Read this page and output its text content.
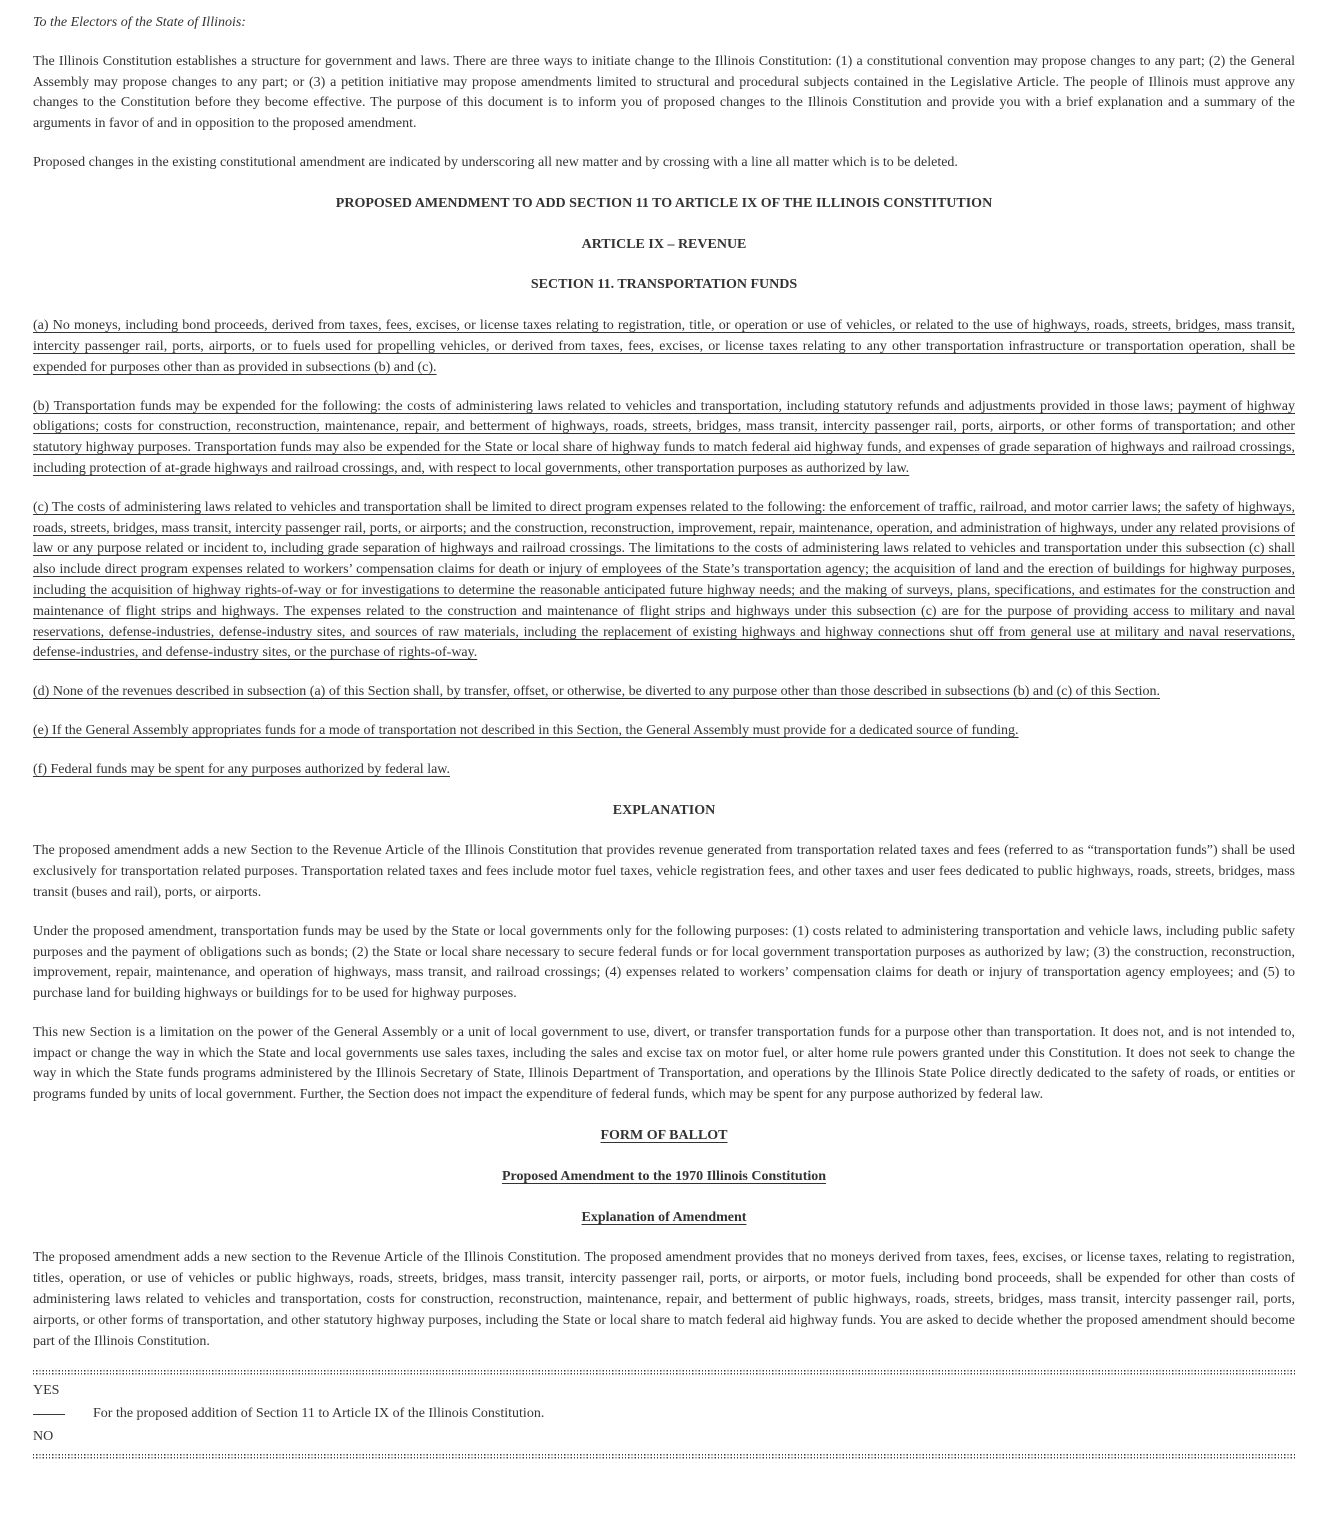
To the Electors of the State of Illinois:

The Illinois Constitution establishes a structure for government and laws. There are three ways to initiate change to the Illinois Constitution: (1) a constitutional convention may propose changes to any part; (2) the General Assembly may propose changes to any part; or (3) a petition initiative may propose amendments limited to structural and procedural subjects contained in the Legislative Article. The people of Illinois must approve any changes to the Constitution before they become effective. The purpose of this document is to inform you of proposed changes to the Illinois Constitution and provide you with a brief explanation and a summary of the arguments in favor of and in opposition to the proposed amendment.

Proposed changes in the existing constitutional amendment are indicated by underscoring all new matter and by crossing with a line all matter which is to be deleted.

PROPOSED AMENDMENT TO ADD SECTION 11 TO ARTICLE IX OF THE ILLINOIS CONSTITUTION

ARTICLE IX – REVENUE

SECTION 11. TRANSPORTATION FUNDS

(a) No moneys, including bond proceeds, derived from taxes, fees, excises, or license taxes relating to registration, title, or operation or use of vehicles, or related to the use of highways, roads, streets, bridges, mass transit, intercity passenger rail, ports, airports, or to fuels used for propelling vehicles, or derived from taxes, fees, excises, or license taxes relating to any other transportation infrastructure or transportation operation, shall be expended for purposes other than as provided in subsections (b) and (c).

(b) Transportation funds may be expended for the following: the costs of administering laws related to vehicles and transportation, including statutory refunds and adjustments provided in those laws; payment of highway obligations; costs for construction, reconstruction, maintenance, repair, and betterment of highways, roads, streets, bridges, mass transit, intercity passenger rail, ports, airports, or other forms of transportation; and other statutory highway purposes. Transportation funds may also be expended for the State or local share of highway funds to match federal aid highway funds, and expenses of grade separation of highways and railroad crossings, including protection of at-grade highways and railroad crossings, and, with respect to local governments, other transportation purposes as authorized by law.

(c) The costs of administering laws related to vehicles and transportation shall be limited to direct program expenses related to the following: the enforcement of traffic, railroad, and motor carrier laws; the safety of highways, roads, streets, bridges, mass transit, intercity passenger rail, ports, or airports; and the construction, reconstruction, improvement, repair, maintenance, operation, and administration of highways, under any related provisions of law or any purpose related or incident to, including grade separation of highways and railroad crossings. The limitations to the costs of administering laws related to vehicles and transportation under this subsection (c) shall also include direct program expenses related to workers’ compensation claims for death or injury of employees of the State’s transportation agency; the acquisition of land and the erection of buildings for highway purposes, including the acquisition of highway rights-of-way or for investigations to determine the reasonable anticipated future highway needs; and the making of surveys, plans, specifications, and estimates for the construction and maintenance of flight strips and highways. The expenses related to the construction and maintenance of flight strips and highways under this subsection (c) are for the purpose of providing access to military and naval reservations, defense-industries, defense-industry sites, and sources of raw materials, including the replacement of existing highways and highway connections shut off from general use at military and naval reservations, defense-industries, and defense-industry sites, or the purchase of rights-of-way.

(d) None of the revenues described in subsection (a) of this Section shall, by transfer, offset, or otherwise, be diverted to any purpose other than those described in subsections (b) and (c) of this Section.

(e) If the General Assembly appropriates funds for a mode of transportation not described in this Section, the General Assembly must provide for a dedicated source of funding.

(f) Federal funds may be spent for any purposes authorized by federal law.

EXPLANATION

The proposed amendment adds a new Section to the Revenue Article of the Illinois Constitution that provides revenue generated from transportation related taxes and fees (referred to as “transportation funds”) shall be used exclusively for transportation related purposes. Transportation related taxes and fees include motor fuel taxes, vehicle registration fees, and other taxes and user fees dedicated to public highways, roads, streets, bridges, mass transit (buses and rail), ports, or airports.

Under the proposed amendment, transportation funds may be used by the State or local governments only for the following purposes: (1) costs related to administering transportation and vehicle laws, including public safety purposes and the payment of obligations such as bonds; (2) the State or local share necessary to secure federal funds or for local government transportation purposes as authorized by law; (3) the construction, reconstruction, improvement, repair, maintenance, and operation of highways, mass transit, and railroad crossings; (4) expenses related to workers’ compensation claims for death or injury of transportation agency employees; and (5) to purchase land for building highways or buildings for to be used for highway purposes.

This new Section is a limitation on the power of the General Assembly or a unit of local government to use, divert, or transfer transportation funds for a purpose other than transportation. It does not, and is not intended to, impact or change the way in which the State and local governments use sales taxes, including the sales and excise tax on motor fuel, or alter home rule powers granted under this Constitution. It does not seek to change the way in which the State funds programs administered by the Illinois Secretary of State, Illinois Department of Transportation, and operations by the Illinois State Police directly dedicated to the safety of roads, or entities or programs funded by units of local government. Further, the Section does not impact the expenditure of federal funds, which may be spent for any purpose authorized by federal law.

FORM OF BALLOT

Proposed Amendment to the 1970 Illinois Constitution

Explanation of Amendment

The proposed amendment adds a new section to the Revenue Article of the Illinois Constitution. The proposed amendment provides that no moneys derived from taxes, fees, excises, or license taxes, relating to registration, titles, operation, or use of vehicles or public highways, roads, streets, bridges, mass transit, intercity passenger rail, ports, or airports, or motor fuels, including bond proceeds, shall be expended for other than costs of administering laws related to vehicles and transportation, costs for construction, reconstruction, maintenance, repair, and betterment of public highways, roads, streets, bridges, mass transit, intercity passenger rail, ports, airports, or other forms of transportation, and other statutory highway purposes, including the State or local share to match federal aid highway funds. You are asked to decide whether the proposed amendment should become part of the Illinois Constitution.

YES
For the proposed addition of Section 11 to Article IX of the Illinois Constitution.
NO
